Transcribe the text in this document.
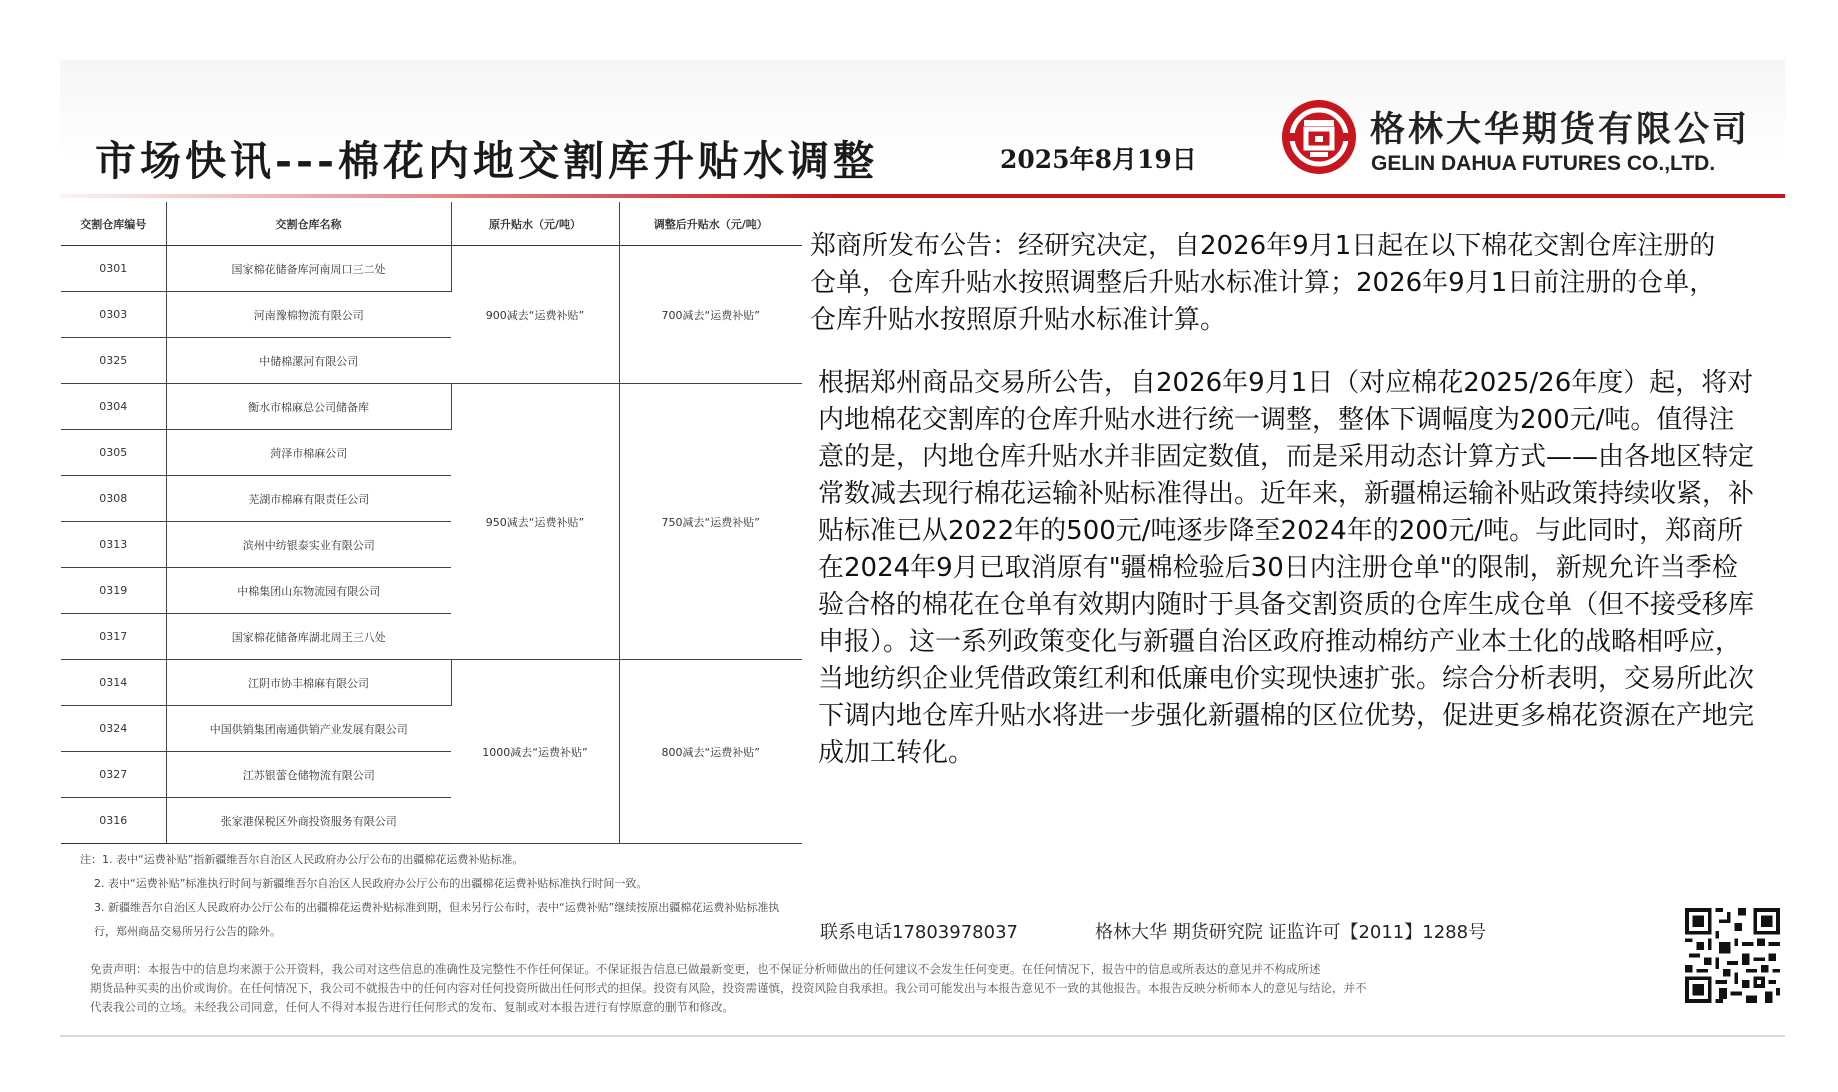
市场快讯---棉花内地交割库升贴水调整	2025年8月19日
格林大华期货有限公司
GELIN DAHUA FUTURES CO.,LTD.
交割仓库编号	交割仓库名称	原升贴水（元/吨）	调整后升贴水（元/吨）
0301	国家棉花储备库河南周口三二处	900减去“运费补贴”	700减去“运费补贴”
0303	河南豫棉物流有限公司		
0325	中储棉漯河有限公司		
0304	衡水市棉麻总公司储备库	950减去“运费补贴”	750减去“运费补贴”
0305	菏泽市棉麻公司		
0308	芜湖市棉麻有限责任公司		
0313	滨州中纺银泰实业有限公司		
0319	中棉集团山东物流园有限公司		
0317	国家棉花储备库湖北周王三八处		
0314	江阴市协丰棉麻有限公司	1000减去“运费补贴”	800减去“运费补贴”
0324	中国供销集团南通供销产业发展有限公司		
0327	江苏银蕾仓储物流有限公司		
0316	张家港保税区外商投资服务有限公司		
注：1. 表中“运费补贴”指新疆维吾尔自治区人民政府办公厅公布的出疆棉花运费补贴标准。
2. 表中“运费补贴”标准执行时间与新疆维吾尔自治区人民政府办公厅公布的出疆棉花运费补贴标准执行时间一致。
3. 新疆维吾尔自治区人民政府办公厅公布的出疆棉花运费补贴标准到期，但未另行公布时，表中“运费补贴”继续按原出疆棉花运费补贴标准执
行，郑州商品交易所另行公告的除外。
郑商所发布公告：经研究决定，自2026年9月1日起在以下棉花交割仓库注册的仓单，仓库升贴水按照调整后升贴水标准计算；2026年9月1日前注册的仓单，仓库升贴水按照原升贴水标准计算。
根据郑州商品交易所公告，自2026年9月1日（对应棉花2025/26年度）起，将对内地棉花交割库的仓库升贴水进行统一调整，整体下调幅度为200元/吨。值得注意的是，内地仓库升贴水并非固定数值，而是采用动态计算方式——由各地区特定常数减去现行棉花运输补贴标准得出。近年来，新疆棉运输补贴政策持续收紧，补贴标准已从2022年的500元/吨逐步降至2024年的200元/吨。与此同时，郑商所在2024年9月已取消原有"疆棉检验后30日内注册仓单"的限制，新规允许当季检验合格的棉花在仓单有效期内随时于具备交割资质的仓库生成仓单（但不接受移库申报）。这一系列政策变化与新疆自治区政府推动棉纺产业本土化的战略相呼应，当地纺织企业凭借政策红利和低廉电价实现快速扩张。综合分析表明，交易所此次下调内地仓库升贴水将进一步强化新疆棉的区位优势，促进更多棉花资源在产地完成加工转化。
联系电话17803978037	格林大华 期货研究院 证监许可【2011】1288号
免责声明：本报告中的信息均来源于公开资料，我公司对这些信息的准确性及完整性不作任何保证。不保证报告信息已做最新变更，也不保证分析师做出的任何建议不会发生任何变更。在任何情况下，报告中的信息或所表达的意见并不构成所述
期货品种买卖的出价或询价。在任何情况下，我公司不就报告中的任何内容对任何投资所做出任何形式的担保。投资有风险，投资需谨慎，投资风险自我承担。我公司可能发出与本报告意见不一致的其他报告。本报告反映分析师本人的意见与结论，并不
代表我公司的立场。未经我公司同意，任何人不得对本报告进行任何形式的发布、复制或对本报告进行有悖原意的删节和修改。
